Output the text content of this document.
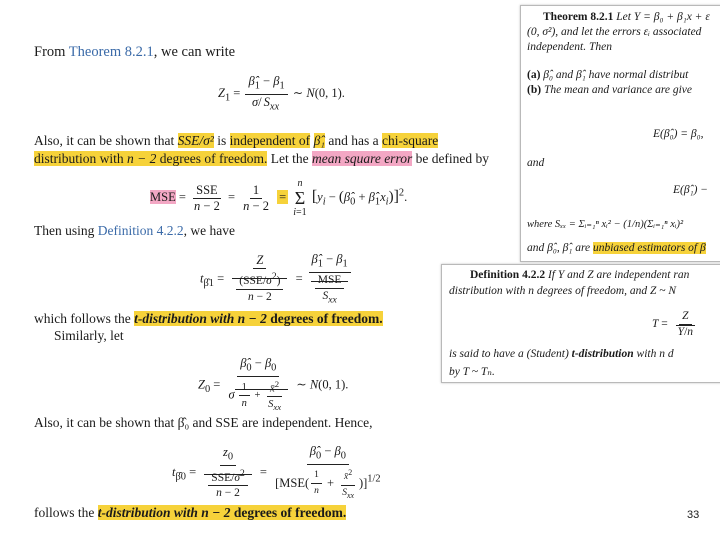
From Theorem 8.2.1, we can write
$Z_1 = \frac{\betâ_1 - \beta_1}{\sigma/ S_{xx}}$ ∼ N(0, 1).
Also, it can be shown that SSE/σ² is independent of β̂₁ and has a chi-square
distribution with n − 2 degrees of freedom. Let the mean square error be defined by
MSE = $\frac{\text{SSE}}{n - 2} = \frac{1}{n - 2}$ =
n
Σ
i=1
[$y_i$ − ($\betâ_0$ + $\betâ_1x_i)]^2$.
Then using Definition 4.2.2, we have
$t_{\betâ1} = \frac{Z}{\frac{(SSE/\sigma^2)}{n - 2}} = \frac{\betâ_1 - \beta_1}{\frac{\text{MSE}}{S_{xx}}}$
which follows the t-distribution with n − 2 degrees of freedom.
Similarly, let
$Z_0 = \frac{\betâ_0 - \beta_0}{\sigma \frac{1}{n} + \frac{x̄^2}{S_{xx}}}$ ∼ N(0, 1).
Also, it can be shown that β̂₀ and SSE are independent. Hence,
$t_{\betâ0} = \frac{z_0}{\frac{SSE/\sigma^2}{n - 2}} = \frac{\betâ_0 - \beta_0}{[MSE( \frac{1}{n} + \frac{x̄^2}{S_{xx}} )]^{1/2}}$
follows the t-distribution with n − 2 degrees of freedom.	33
Theorem 8.2.1 Let Y = β₀ + β₁x + ε
(0, σ²), and let the errors εᵢ associated
independent. Then
(a) β̂₀ and β̂₁ have normal distribut
(b) The mean and variance are give
E(β̂₀) = β₀,
and
E(β̂₁) −
where Sₓₓ = Σᵢ₌₁ⁿ xᵢ² − (1/n)(Σᵢ₌₁ⁿ xᵢ)²
and β̂₀, β̂₁ are unbiased estimators of β
Definition 4.2.2 If Y and Z are independent ran
distribution with n degrees of freedom, and Z ~ N
$T = \frac{Z}{Y/n}$
is said to have a (Student) t-distribution with n d
by T ~ Tₙ.
